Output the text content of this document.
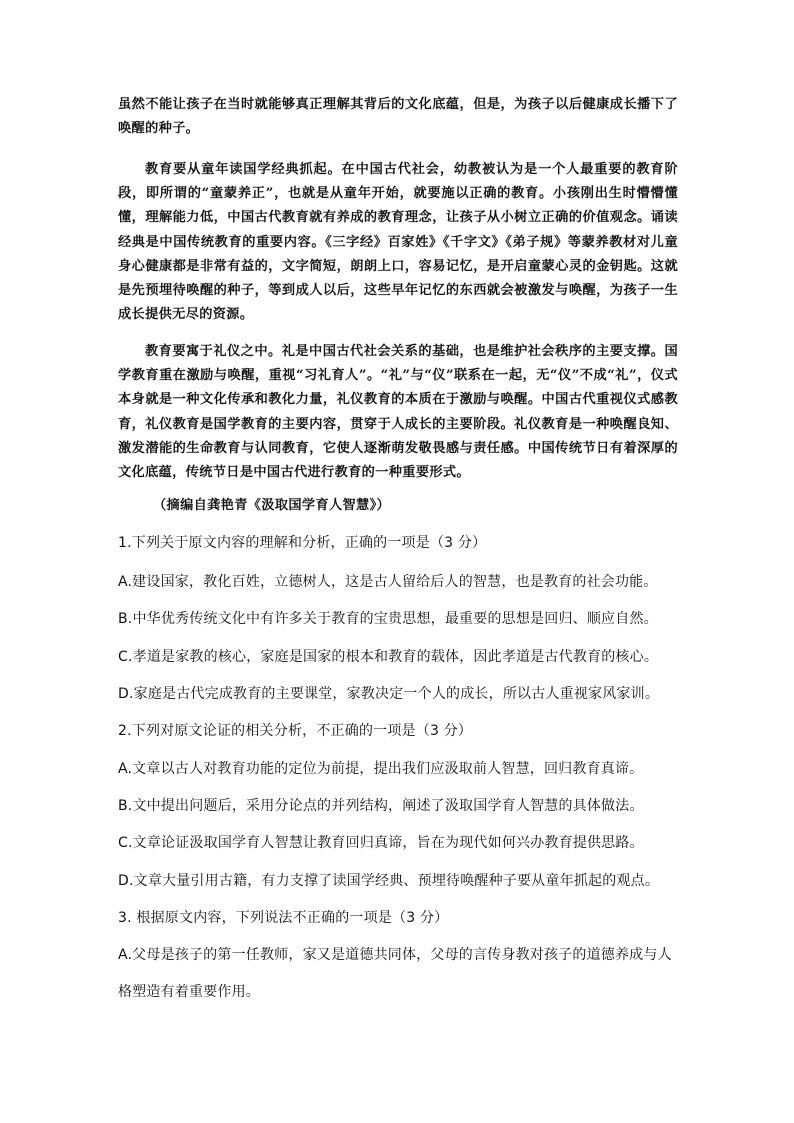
虽然不能让孩子在当时就能够真正理解其背后的文化底蕴，但是，为孩子以后健康成长播下了唤醒的种子。

教育要从童年读国学经典抓起。在中国古代社会，幼教被认为是一个人最重要的教育阶段，即所谓的“童蒙养正”，也就是从童年开始，就要施以正确的教育。小孩刚出生时懵懵懂懂，理解能力低，中国古代教育就有养成的教育理念，让孩子从小树立正确的价值观念。诵读经典是中国传统教育的重要内容。《三字经》百家姓》《千字文》《弟子规》等蒙养教材对儿童身心健康都是非常有益的，文字简短，朗朗上口，容易记忆，是开启童蒙心灵的金钥匙。这就是先预埋待唤醒的种子，等到成人以后，这些早年记忆的东西就会被激发与唤醒，为孩子一生成长提供无尽的资源。

教育要寓于礼仪之中。礼是中国古代社会关系的基础，也是维护社会秩序的主要支撑。国学教育重在激励与唤醒，重视“习礼育人”。“礼”与“仪”联系在一起，无“仪”不成“礼”，仪式本身就是一种文化传承和教化力量，礼仪教育的本质在于激励与唤醒。中国古代重视仪式感教育，礼仪教育是国学教育的主要内容，贯穿于人成长的主要阶段。礼仪教育是一种唤醒良知、激发潜能的生命教育与认同教育，它使人逐渐萌发敬畏感与责任感。中国传统节日有着深厚的文化底蕴，传统节日是中国古代进行教育的一种重要形式。

（摘编自龚艳青《汲取国学育人智慧》）

1.下列关于原文内容的理解和分析，正确的一项是（3 分）

A.建设国家，教化百姓，立德树人，这是古人留给后人的智慧，也是教育的社会功能。

B.中华优秀传统文化中有许多关于教育的宝贵思想，最重要的思想是回归、顺应自然。

C.孝道是家教的核心，家庭是国家的根本和教育的载体，因此孝道是古代教育的核心。

D.家庭是古代完成教育的主要课堂，家教决定一个人的成长，所以古人重视家风家训。

2.下列对原文论证的相关分析，不正确的一项是（3 分）

A.文章以古人对教育功能的定位为前提，提出我们应汲取前人智慧，回归教育真谛。

B.文中提出问题后，采用分论点的并列结构，阐述了汲取国学育人智慧的具体做法。

C.文章论证汲取国学育人智慧让教育回归真谛，旨在为现代如何兴办教育提供思路。

D.文章大量引用古籍，有力支撑了读国学经典、预埋待唤醒种子要从童年抓起的观点。

3. 根据原文内容，下列说法不正确的一项是（3 分）

A.父母是孩子的第一任教师，家又是道德共同体，父母的言传身教对孩子的道德养成与人

格塑造有着重要作用。
